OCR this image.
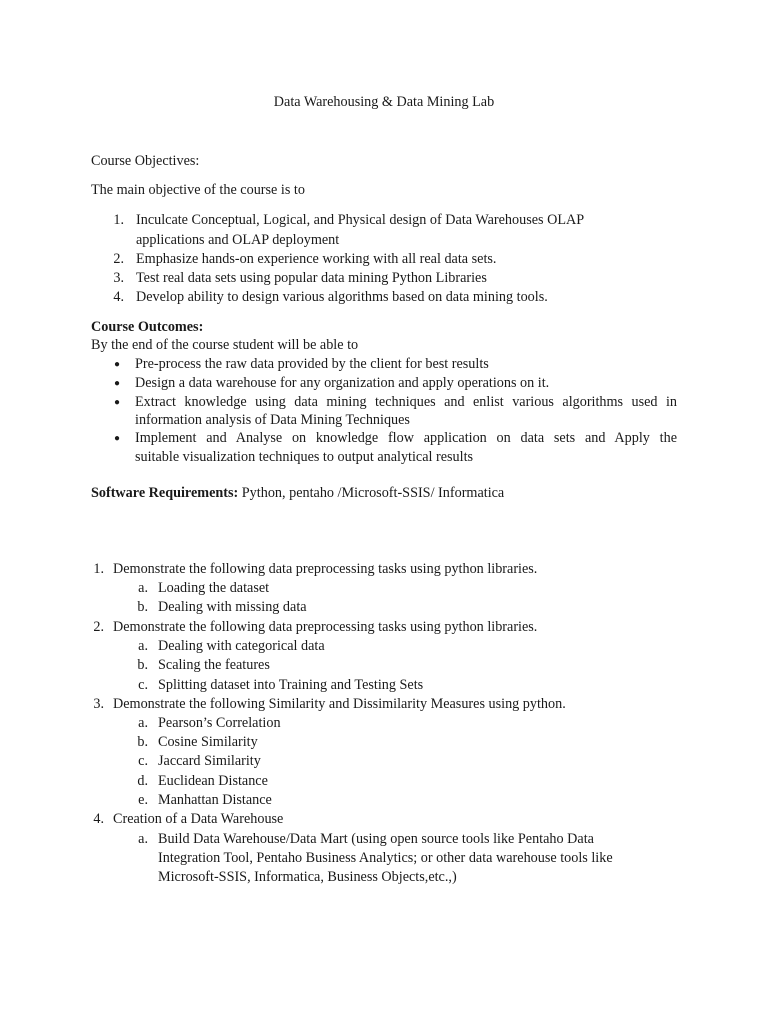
Data Warehousing & Data Mining Lab
Course Objectives:
The main objective of the course is to
1. Inculcate Conceptual, Logical, and Physical design of Data Warehouses OLAP
applications and OLAP deployment
2. Emphasize hands-on experience working with all real data sets.
3. Test real data sets using popular data mining Python Libraries
4. Develop ability to design various algorithms based on data mining tools.
Course Outcomes:
By the end of the course student will be able to
● Pre-process the raw data provided by the client for best results
● Design a data warehouse for any organization and apply operations on it.
● Extract knowledge using data mining techniques and enlist various algorithms used in
information analysis of Data Mining Techniques
● Implement and Analyse on knowledge flow application on data sets and Apply the
suitable visualization techniques to output analytical results
Software Requirements: Python, pentaho /Microsoft-SSIS/ Informatica
1. Demonstrate the following data preprocessing tasks using python libraries.
a. Loading the dataset
b. Dealing with missing data
2. Demonstrate the following data preprocessing tasks using python libraries.
a. Dealing with categorical data
b. Scaling the features
c. Splitting dataset into Training and Testing Sets
3. Demonstrate the following Similarity and Dissimilarity Measures using python.
a. Pearson’s Correlation
b. Cosine Similarity
c. Jaccard Similarity
d. Euclidean Distance
e. Manhattan Distance
4. Creation of a Data Warehouse
a. Build Data Warehouse/Data Mart (using open source tools like Pentaho Data
Integration Tool, Pentaho Business Analytics; or other data warehouse tools like
Microsoft-SSIS, Informatica, Business Objects,etc.,)
